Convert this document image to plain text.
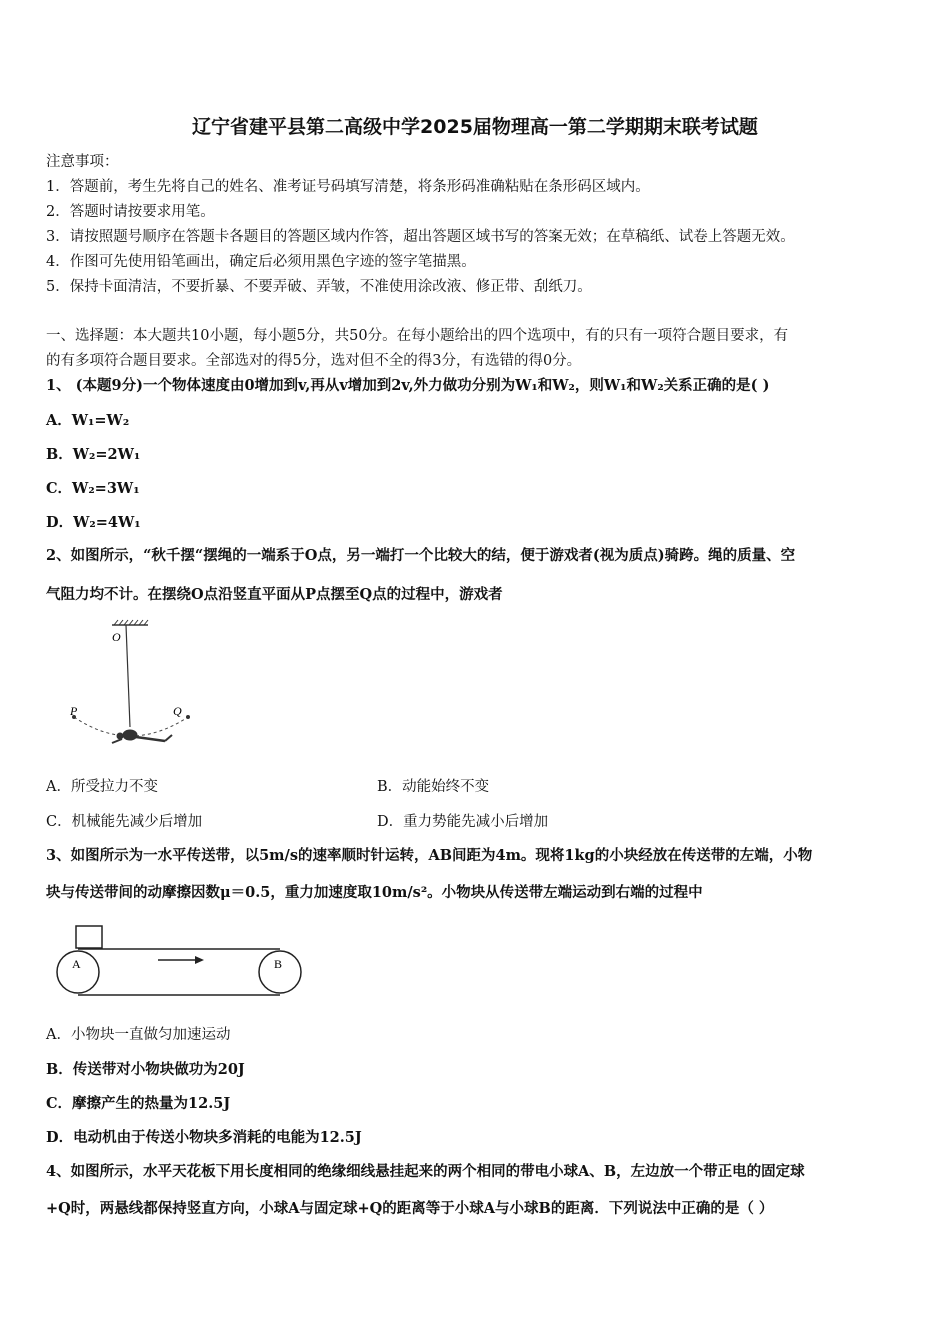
辽宁省建平县第二高级中学2025届物理高一第二学期期末联考试题
注意事项：
1．答题前，考生先将自己的姓名、准考证号码填写清楚，将条形码准确粘贴在条形码区域内。
2．答题时请按要求用笔。
3．请按照题号顺序在答题卡各题目的答题区域内作答，超出答题区域书写的答案无效；在草稿纸、试卷上答题无效。
4．作图可先使用铅笔画出，确定后必须用黑色字迹的签字笔描黑。
5．保持卡面清洁，不要折暴、不要弄破、弄皱，不准使用涂改液、修正带、刮纸刀。
一、选择题：本大题共10小题，每小题5分，共50分。在每小题给出的四个选项中，有的只有一项符合题目要求，有
的有多项符合题目要求。全部选对的得5分，选对但不全的得3分，有选错的得0分。
1、 (本题9分)一个物体速度由0增加到v,再从v增加到2v,外力做功分别为W₁和W₂，则W₁和W₂关系正确的是( )
A．W₁=W₂
B．W₂=2W₁
C．W₂=3W₁
D．W₂=4W₁
2、如图所示，“秋千摆“摆绳的一端系于O点，另一端打一个比较大的结，便于游戏者(视为质点)骑跨。绳的质量、空
气阻力均不计。在摆绕O点沿竖直平面从P点摆至Q点的过程中，游戏者
O
P	Q
A．所受拉力不变	B．动能始终不变
C．机械能先减少后增加	D．重力势能先减小后增加
3、如图所示为一水平传送带，以5m/s的速率顺时针运转，AB间距为4m。现将1kg的小块经放在传送带的左端，小物
块与传送带间的动摩擦因数μ＝0.5，重力加速度取10m/s²。小物块从传送带左端运动到右端的过程中
A	B
A．小物块一直做匀加速运动
B．传送带对小物块做功为20J
C．摩擦产生的热量为12.5J
D．电动机由于传送小物块多消耗的电能为12.5J
4、如图所示，水平天花板下用长度相同的绝缘细线悬挂起来的两个相同的带电小球A、B，左边放一个带正电的固定球
+Q时，两悬线都保持竖直方向，小球A与固定球+Q的距离等于小球A与小球B的距离．下列说法中正确的是（ ）
